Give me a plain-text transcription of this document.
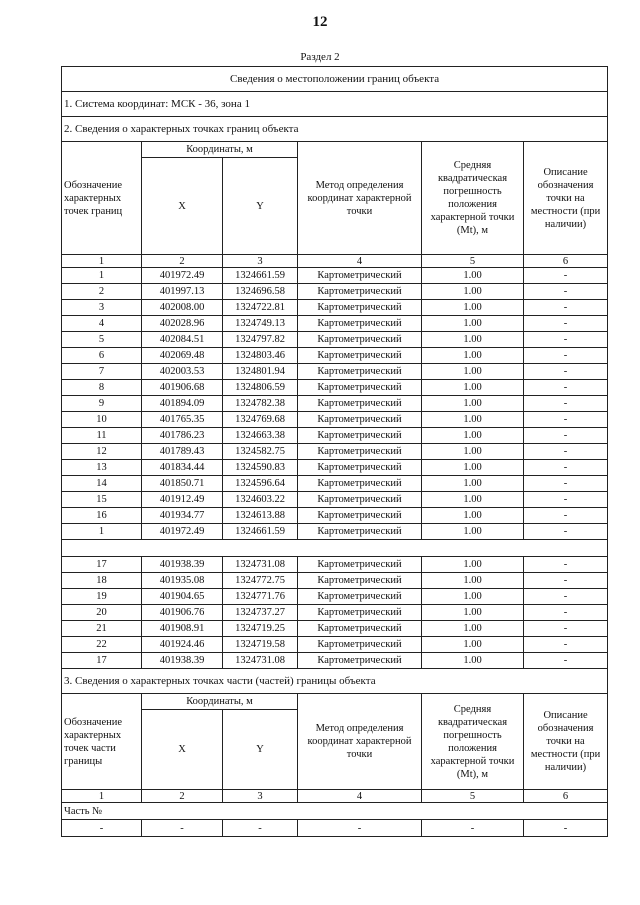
12
Раздел 2
Сведения о местоположении границ объекта					
1. Система координат: МСК - 36, зона 1					
2. Сведения о характерных точках границ объекта					
Обозначение характерных точек границ	Координаты, м		Метод определения координат характерной точки	Средняя квадратическая погрешность положения характерной точки (Mt), м	Описание обозначения точки на местности (при наличии)
	X	Y			
1	2	3	4	5	6
1	401972.49	1324661.59	Картометрический	1.00	-
2	401997.13	1324696.58	Картометрический	1.00	-
3	402008.00	1324722.81	Картометрический	1.00	-
4	402028.96	1324749.13	Картометрический	1.00	-
5	402084.51	1324797.82	Картометрический	1.00	-
6	402069.48	1324803.46	Картометрический	1.00	-
7	402003.53	1324801.94	Картометрический	1.00	-
8	401906.68	1324806.59	Картометрический	1.00	-
9	401894.09	1324782.38	Картометрический	1.00	-
10	401765.35	1324769.68	Картометрический	1.00	-
11	401786.23	1324663.38	Картометрический	1.00	-
12	401789.43	1324582.75	Картометрический	1.00	-
13	401834.44	1324590.83	Картометрический	1.00	-
14	401850.71	1324596.64	Картометрический	1.00	-
15	401912.49	1324603.22	Картометрический	1.00	-
16	401934.77	1324613.88	Картометрический	1.00	-
1	401972.49	1324661.59	Картометрический	1.00	-

17	401938.39	1324731.08	Картометрический	1.00	-
18	401935.08	1324772.75	Картометрический	1.00	-
19	401904.65	1324771.76	Картометрический	1.00	-
20	401906.76	1324737.27	Картометрический	1.00	-
21	401908.91	1324719.25	Картометрический	1.00	-
22	401924.46	1324719.58	Картометрический	1.00	-
17	401938.39	1324731.08	Картометрический	1.00	-
3. Сведения о характерных точках части (частей) границы объекта					
Обозначение характерных точек части границы	Координаты, м		Метод определения координат характерной точки	Средняя квадратическая погрешность положения характерной точки (Mt), м	Описание обозначения точки на местности (при наличии)
	X	Y			
1	2	3	4	5	6
Часть №					
-	-	-	-	-	-
